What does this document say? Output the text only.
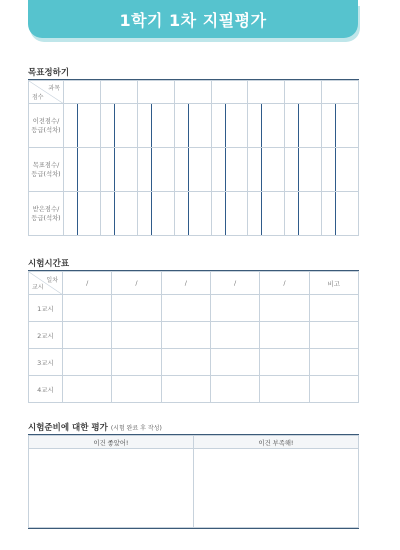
1학기 1차 지필평가
목표정하기
과목
점수																

이전점수/
등급(석차)																

목표점수/
등급(석차)																

받은점수/
등급(석차)																

시험시간표
일차
교시	/	/	/	/	/	비고
1교시						
2교시						
3교시						
4교시						
시험준비에 대한 평가 (시험 완료 후 작성)
이건 좋았어!	이건 부족해!
